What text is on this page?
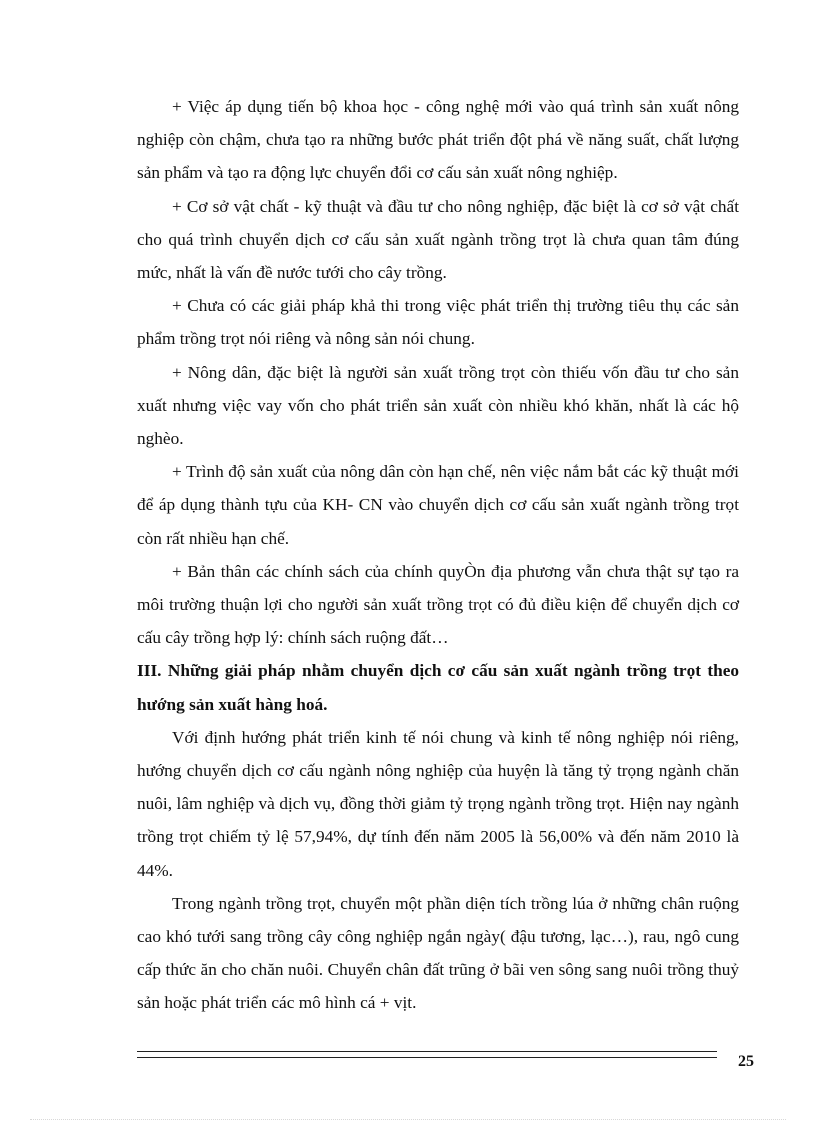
+ Việc áp dụng tiến bộ khoa học - công nghệ mới vào quá trình sản xuất nông nghiệp còn chậm, chưa tạo ra những bước phát triển đột phá về năng suất, chất lượng sản phẩm và tạo ra động lực chuyển đổi cơ cấu sản xuất nông nghiệp.

+ Cơ sở vật chất - kỹ thuật và đầu tư cho nông nghiệp, đặc biệt là cơ sở vật chất cho quá trình chuyển dịch cơ cấu sản xuất ngành trồng trọt là chưa quan tâm đúng mức, nhất là vấn đề nước tưới cho cây trồng.

+ Chưa có các giải pháp khả thi trong việc phát triển thị trường tiêu thụ các sản phẩm trồng trọt nói riêng và nông sản nói chung.

+ Nông dân, đặc biệt là người sản xuất trồng trọt còn thiếu vốn đầu tư cho sản xuất nhưng việc vay vốn cho phát triển sản xuất còn nhiều khó khăn, nhất là các hộ nghèo.

+ Trình độ sản xuất của nông dân còn hạn chế, nên việc nắm bắt các kỹ thuật mới để áp dụng thành tựu của KH- CN vào chuyển dịch cơ cấu sản xuất ngành trồng trọt còn rất nhiều hạn chế.

+ Bản thân các chính sách của chính quyÒn địa phương vẫn chưa thật sự tạo ra môi trường thuận lợi cho người sản xuất trồng trọt có đủ điều kiện để chuyển dịch cơ cấu cây trồng hợp lý: chính sách ruộng đất…

III. Những giải pháp nhằm chuyển dịch cơ cấu sản xuất ngành trồng trọt theo hướng sản xuất hàng hoá.

Với định hướng phát triển kinh tế nói chung và kinh tế nông nghiệp nói riêng, hướng chuyển dịch cơ cấu ngành nông nghiệp của huyện là tăng tỷ trọng ngành chăn nuôi, lâm nghiệp và dịch vụ, đồng thời giảm tỷ trọng ngành trồng trọt. Hiện nay ngành trồng trọt chiếm tỷ lệ 57,94%, dự tính đến năm 2005 là 56,00% và đến năm 2010 là 44%.

Trong ngành trồng trọt, chuyển một phần diện tích trồng lúa ở những chân ruộng cao khó tưới sang trồng cây công nghiệp ngắn ngày( đậu tương, lạc…), rau, ngô cung cấp thức ăn cho chăn nuôi. Chuyển chân đất trũng ở bãi ven sông sang nuôi trồng thuỷ sản hoặc phát triển các mô hình cá + vịt.

25
